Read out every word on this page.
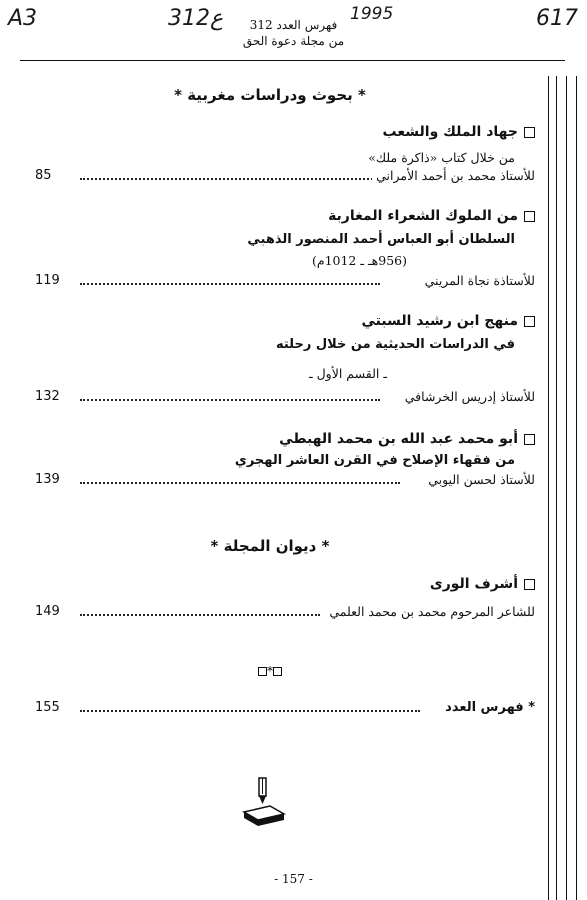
A3	312ع	1995	617
فهرس العدد 312
من مجلة دعوة الحق
* بحوث ودراسات مغربية *
جهاد الملك والشعب
من خلال كتاب «ذاكرة ملك»
85	للأستاذ محمد بن أحمد الأمراني
من الملوك الشعراء المغاربة
السلطان أبو العباس أحمد المنصور الذهبي
(956هـ ـ 1012م)
119	للأستاذة نجاة المريني
منهج ابن رشيد السبتي
في الدراسات الحديثية من خلال رحلته
ـ القسم الأول ـ
132	للأستاذ إدريس الخرشافي
أبو محمد عبد الله بن محمد الهبطي
من فقهاء الإصلاح في القرن العاشر الهجري
139	للأستاذ لحسن اليوبي
* ديوان المجلة *
أشرف الورى
149	للشاعر المرحوم محمد بن محمد العلمي
*
155	* فهرس العدد
- 157 -
